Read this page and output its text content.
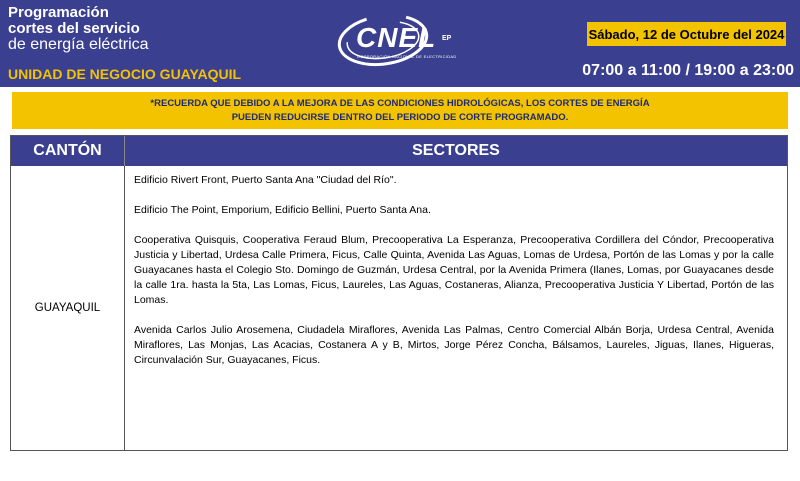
Programación
cortes del servicio
de energía eléctrica
UNIDAD DE NEGOCIO GUAYAQUIL
CNEL EP
CORPORACIÓN NACIONAL DE ELECTRICIDAD
Sábado, 12 de Octubre del 2024
07:00 a 11:00 / 19:00 a 23:00
*RECUERDA QUE DEBIDO A LA MEJORA DE LAS CONDICIONES HIDROLÓGICAS, LOS CORTES DE ENERGÍA
PUEDEN REDUCIRSE DENTRO DEL PERIODO DE CORTE PROGRAMADO.
CANTÓN	SECTORES
GUAYAQUIL

Edificio Rivert Front, Puerto Santa Ana "Ciudad del Río".

Edificio The Point, Emporium, Edificio Bellini, Puerto Santa Ana.

Cooperativa Quisquis, Cooperativa Feraud Blum, Precooperativa La Esperanza, Precooperativa Cordillera del Cóndor, Precooperativa Justicia y Libertad, Urdesa Calle Primera, Ficus, Calle Quinta, Avenida Las Aguas, Lomas de Urdesa, Portón de las Lomas y por la calle Guayacanes hasta el Colegio Sto. Domingo de Guzmán, Urdesa Central, por la Avenida Primera (Ilanes, Lomas, por Guayacanes desde la calle 1ra. hasta la 5ta, Las Lomas, Ficus, Laureles, Las Aguas, Costaneras, Alianza, Precooperativa Justicia Y Libertad, Portón de las Lomas.

Avenida Carlos Julio Arosemena, Ciudadela Miraflores, Avenida Las Palmas, Centro Comercial Albán Borja, Urdesa Central, Avenida Miraflores, Las Monjas, Las Acacias, Costanera A y B, Mirtos, Jorge Pérez Concha, Bálsamos, Laureles, Jiguas, Ilanes, Higueras, Circunvalación Sur, Guayacanes, Ficus.
